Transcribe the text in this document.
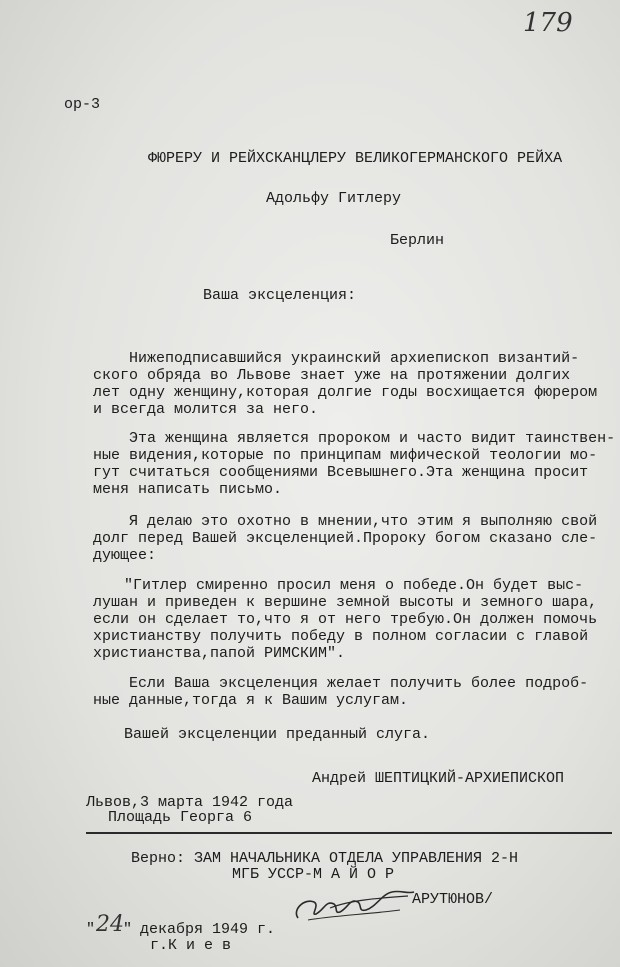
179
ор-3
ФЮРЕРУ И РЕЙХСКАНЦЛЕРУ ВЕЛИКОГЕРМАНСКОГО РЕЙХА
Адольфу Гитлеру
Берлин
Ваша эксцеленция:
Нижеподписавшийся украинский архиепископ византий-
ского обряда во Львове знает уже на протяжении долгих
лет одну женщину,которая долгие годы восхищается фюрером
и всегда молится за него.
Эта женщина является пророком и часто видит таинствен-
ные видения,которые по принципам мифической теологии мо-
гут считаться сообщениями Всевышнего.Эта женщина просит
меня написать письмо.
Я делаю это охотно в мнении,что этим я выполняю свой
долг перед Вашей эксцеленцией.Пророку богом сказано сле-
дующее:
"Гитлер смиренно просил меня о победе.Он будет выс-
лушан и приведен к вершине земной высоты и земного шара,
если он сделает то,что я от него требую.Он должен помочь
христианству получить победу в полном согласии с главой
христианства,папой РИМСКИМ".
Если Ваша эксцеленция желает получить более подроб-
ные данные,тогда я к Вашим услугам.
Вашей эксцеленции преданный слуга.
Андрей ШЕПТИЦКИЙ-АРХИЕПИСКОП
Львов,3 марта 1942 года
Площадь Георга 6
Верно: ЗАМ НАЧАЛЬНИКА ОТДЕЛА УПРАВЛЕНИЯ 2-Н
МГБ УССР-М А Й О Р
АРУТЮНОВ/
" 24 " декабря 1949 г.
г.К и е в
